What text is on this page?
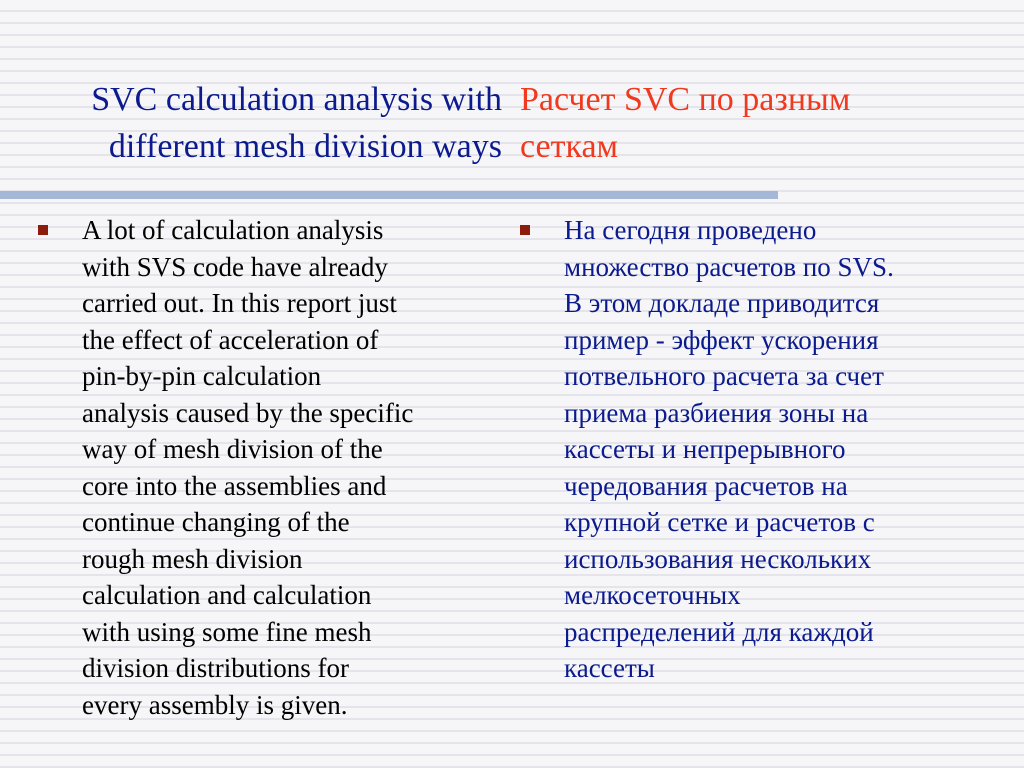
SVC calculation analysis with
different mesh division ways
Расчет SVC по разным
сеткам

A lot of calculation analysis
with SVS code have already
carried out. In this report just
the effect of acceleration of
pin-by-pin calculation
analysis caused by the specific
way of mesh division of the
core into the assemblies and
continue changing of the
rough mesh division
calculation and calculation
with using some fine mesh
division distributions for
every assembly is given.

На сегодня проведено
множество расчетов по SVS.
В этом докладе приводится
пример - эффект ускорения
потвельного расчета за счет
приема разбиения зоны на
кассеты и непрерывного
чередования расчетов на
крупной сетке и расчетов с
использования нескольких
мелкосеточных
распределений для каждой
кассеты
